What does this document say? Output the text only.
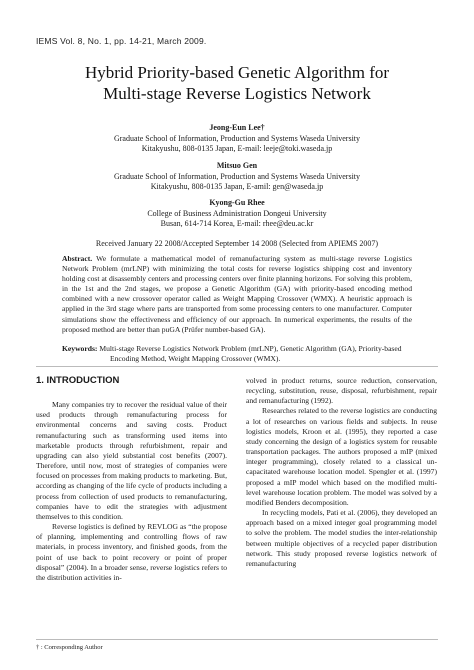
IEMS Vol. 8, No. 1, pp. 14-21, March 2009.
Hybrid Priority-based Genetic Algorithm for
Multi-stage Reverse Logistics Network
Jeong-Eun Lee†
Graduate School of Information, Production and Systems Waseda University
Kitakyushu, 808-0135 Japan, E-mail: leeje@toki.waseda.jp
Mitsuo Gen
Graduate School of Information, Production and Systems Waseda University
Kitakyushu, 808-0135 Japan, E-amil: gen@waseda.jp
Kyong-Gu Rhee
College of Business Administration Dongeui University
Busan, 614-714 Korea, E-mail: rhee@deu.ac.kr
Received January 22 2008/Accepted September 14 2008 (Selected from APIEMS 2007)
Abstract. We formulate a mathematical model of remanufacturing system as multi-stage reverse Logistics Network Problem (mrLNP) with minimizing the total costs for reverse logistics shipping cost and inventory holding cost at disassembly centers and processing centers over finite planning horizons. For solving this problem, in the 1st and the 2nd stages, we propose a Genetic Algorithm (GA) with priority-based encoding method combined with a new crossover operator called as Weight Mapping Crossover (WMX). A heuristic approach is applied in the 3rd stage where parts are transported from some processing centers to one manufacturer. Computer simulations show the effectiveness and efficiency of our approach. In numerical experiments, the results of the proposed method are better than puGA (Prüfer number-based GA).
Keywords: Multi-stage Reverse Logistics Network Problem (mrLNP), Genetic Algorithm (GA), Priority-based
Encoding Method, Weight Mapping Crossover (WMX).
1. INTRODUCTION

Many companies try to recover the residual value of their used products through remanufacturing process for environmental concerns and saving costs. Product remanufacturing such as transforming used items into marketable products through refurbishment, repair and upgrading can also yield substantial cost benefits (2007). Therefore, until now, most of strategies of companies were focused on processes from making products to marketing. But, according as changing of the life cycle of products including a process from collection of used products to remanufacturing, companies have to edit the strategies with adjustment themselves to this condition.

Reverse logistics is defined by REVLOG as “the propose of planning, implementing and controlling flows of raw materials, in process inventory, and finished goods, from the point of use back to point recovery or point of proper disposal” (2004). In a broader sense, reverse logistics refers to the distribution activities in-

volved in product returns, source reduction, conservation, recycling, substitution, reuse, disposal, refurbishment, repair and remanufacturing (1992).

Researches related to the reverse logistics are conducting a lot of researches on various fields and subjects. In reuse logistics models, Kroon et al. (1995), they reported a case study concerning the design of a logistics system for reusable transportation packages. The authors proposed a mIP (mixed integer programming), closely related to a classical un-capacitated warehouse location model. Spengler et al. (1997) proposed a mIP model which based on the modified multi-level warehouse location problem. The model was solved by a modified Benders decomposition.

In recycling models, Pati et al. (2006), they developed an approach based on a mixed integer goal programming model to solve the problem. The model studies the inter-relationship between multiple objectives of a recycled paper distribution network. This study proposed reverse logistics network of remanufacturing

† : Corresponding Author
